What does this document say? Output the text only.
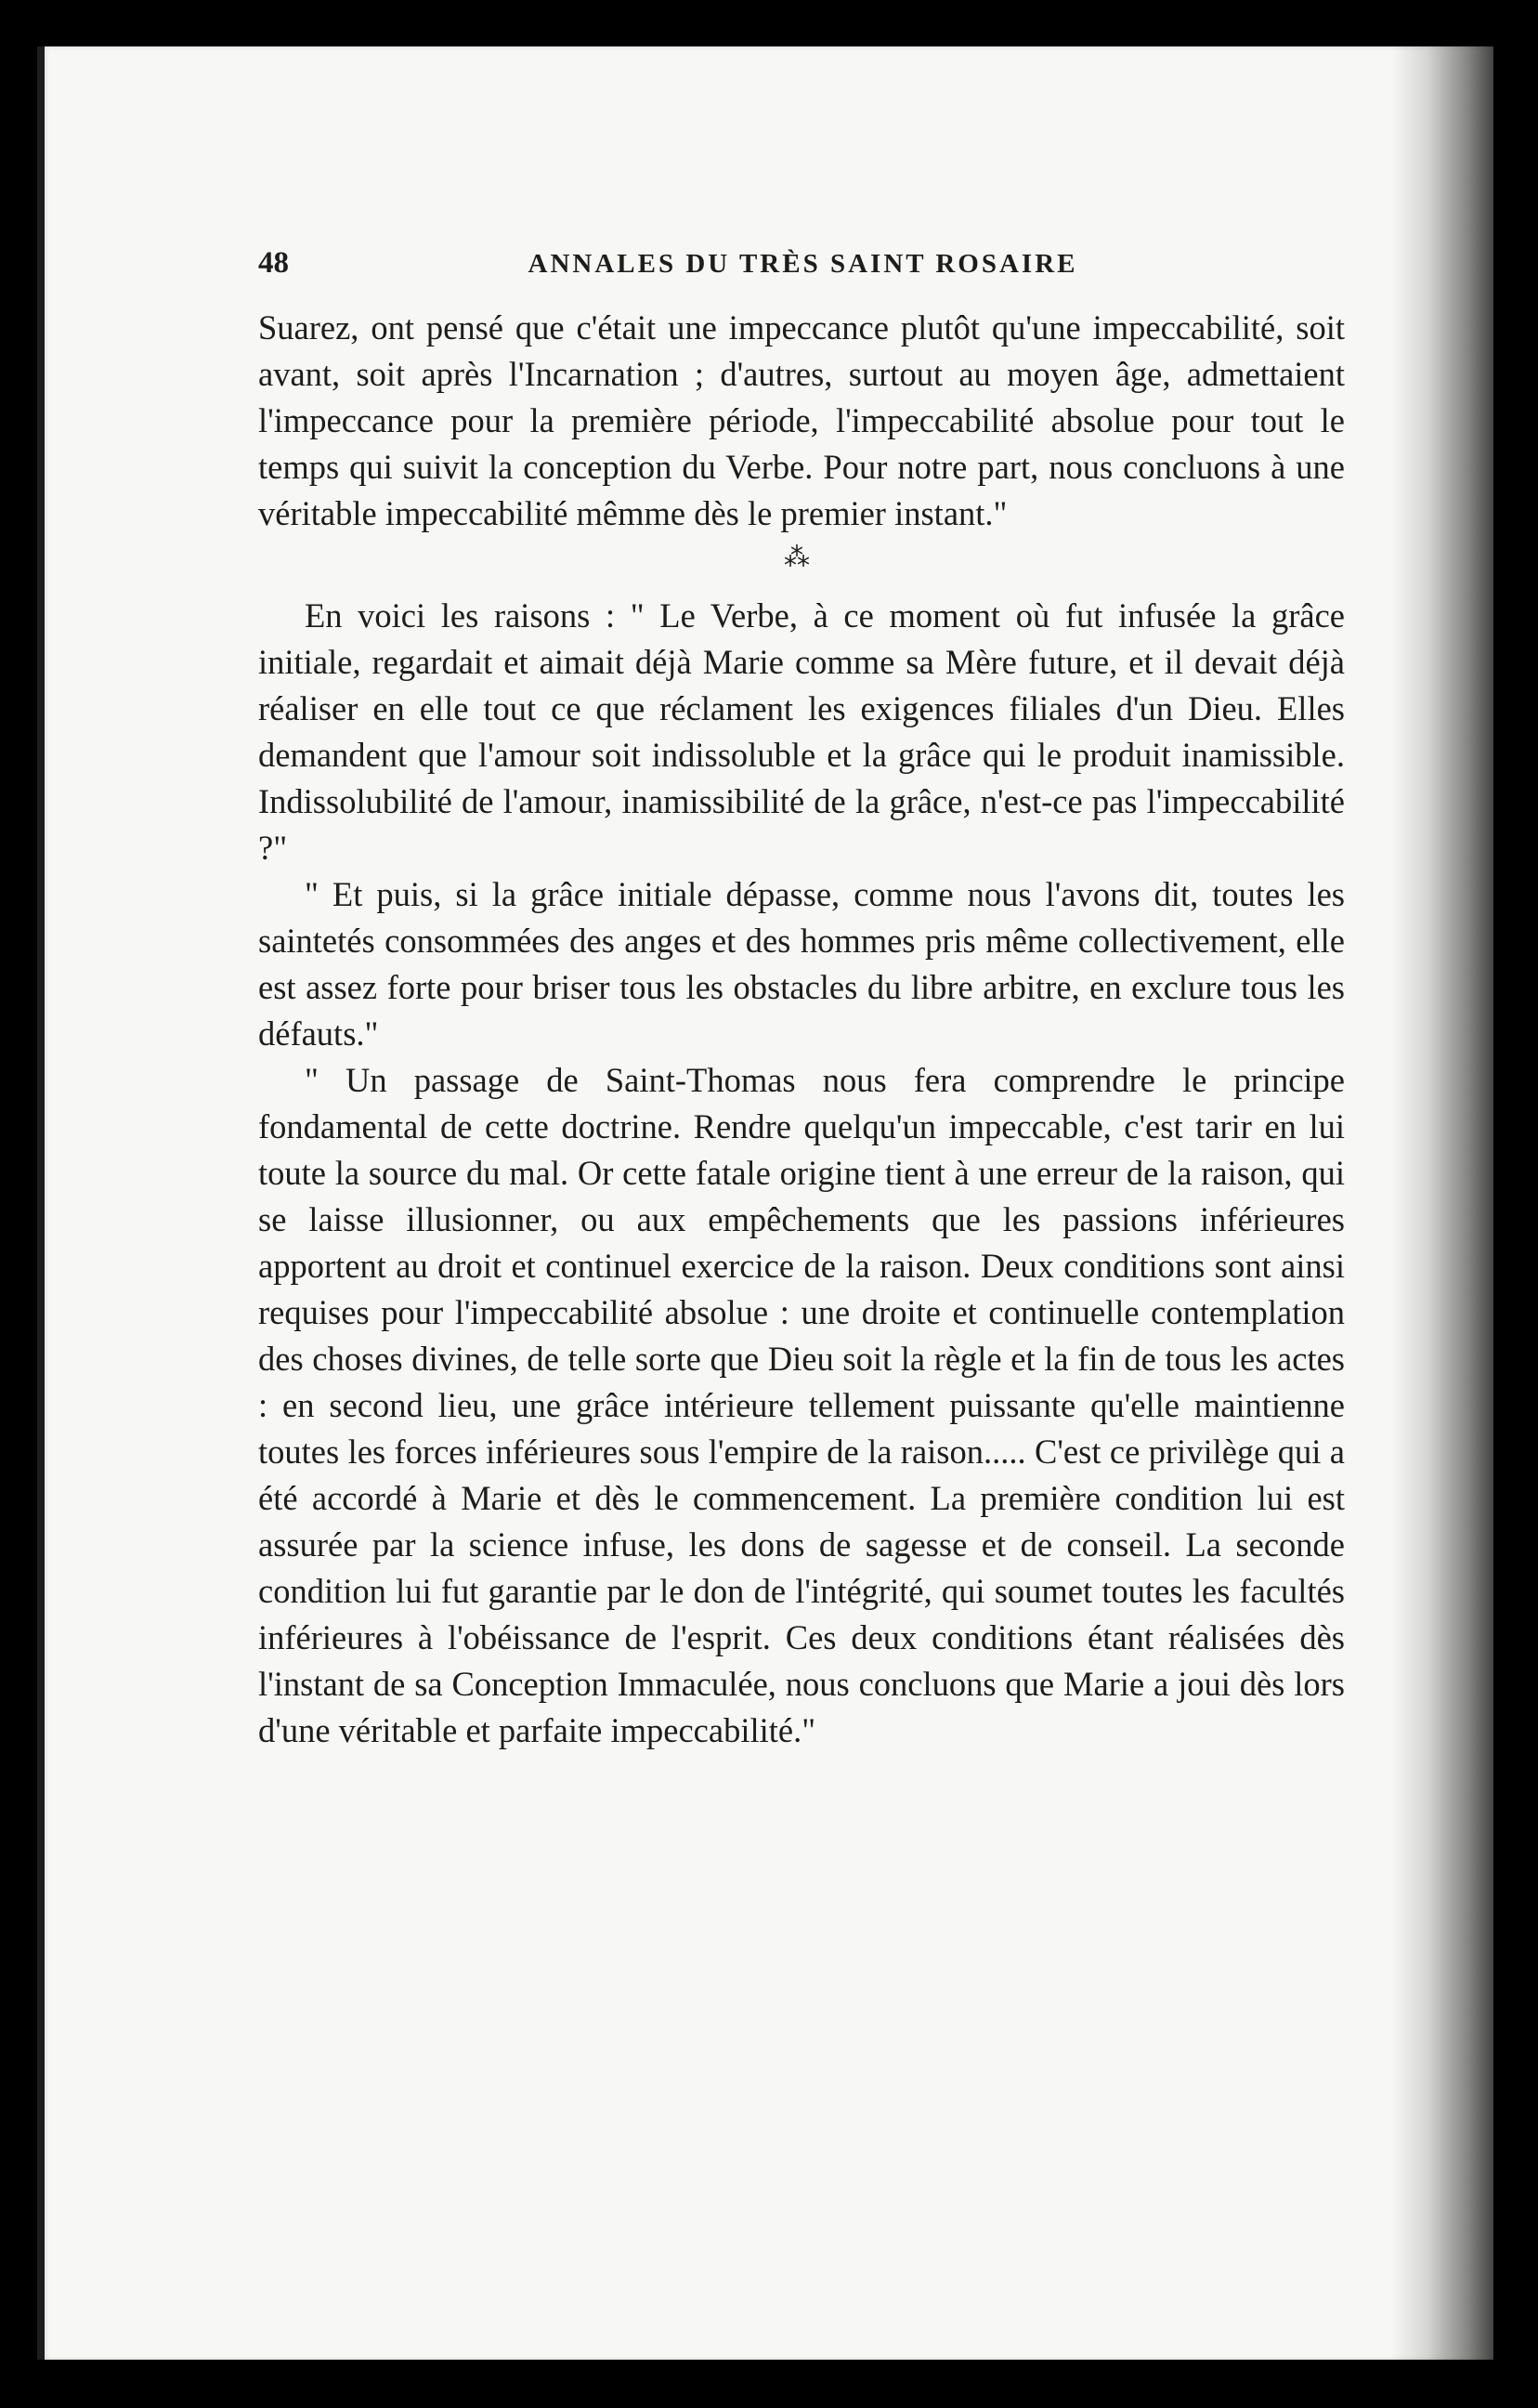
48	ANNALES DU TRÈS SAINT ROSAIRE

Suarez, ont pensé que c'était une impeccance plutôt qu'une impeccabilité, soit avant, soit après l'Incarnation ; d'autres, surtout au moyen âge, admettaient l'impeccance pour la première période, l'impeccabilité absolue pour tout le temps qui suivit la conception du Verbe. Pour notre part, nous concluons à une véritable impeccabilité mêmme dès le premier instant."

⁂

En voici les raisons : " Le Verbe, à ce moment où fut infusée la grâce initiale, regardait et aimait déjà Marie comme sa Mère future, et il devait déjà réaliser en elle tout ce que réclament les exigences filiales d'un Dieu. Elles demandent que l'amour soit indissoluble et la grâce qui le produit inamissible. Indissolubilité de l'amour, inamissibilité de la grâce, n'est-ce pas l'impeccabilité ?"

" Et puis, si la grâce initiale dépasse, comme nous l'avons dit, toutes les saintetés consommées des anges et des hommes pris même collectivement, elle est assez forte pour briser tous les obstacles du libre arbitre, en exclure tous les défauts."

" Un passage de Saint-Thomas nous fera comprendre le principe fondamental de cette doctrine. Rendre quelqu'un impeccable, c'est tarir en lui toute la source du mal. Or cette fatale origine tient à une erreur de la raison, qui se laisse illusionner, ou aux empêchements que les passions inférieures apportent au droit et continuel exercice de la raison. Deux conditions sont ainsi requises pour l'impeccabilité absolue : une droite et continuelle contemplation des choses divines, de telle sorte que Dieu soit la règle et la fin de tous les actes : en second lieu, une grâce intérieure tellement puissante qu'elle maintienne toutes les forces inférieures sous l'empire de la raison..... C'est ce privilège qui a été accordé à Marie et dès le commencement. La première condition lui est assurée par la science infuse, les dons de sagesse et de conseil. La seconde condition lui fut garantie par le don de l'intégrité, qui soumet toutes les facultés inférieures à l'obéissance de l'esprit. Ces deux conditions étant réalisées dès l'instant de sa Conception Immaculée, nous concluons que Marie a joui dès lors d'une véritable et parfaite impeccabilité."
